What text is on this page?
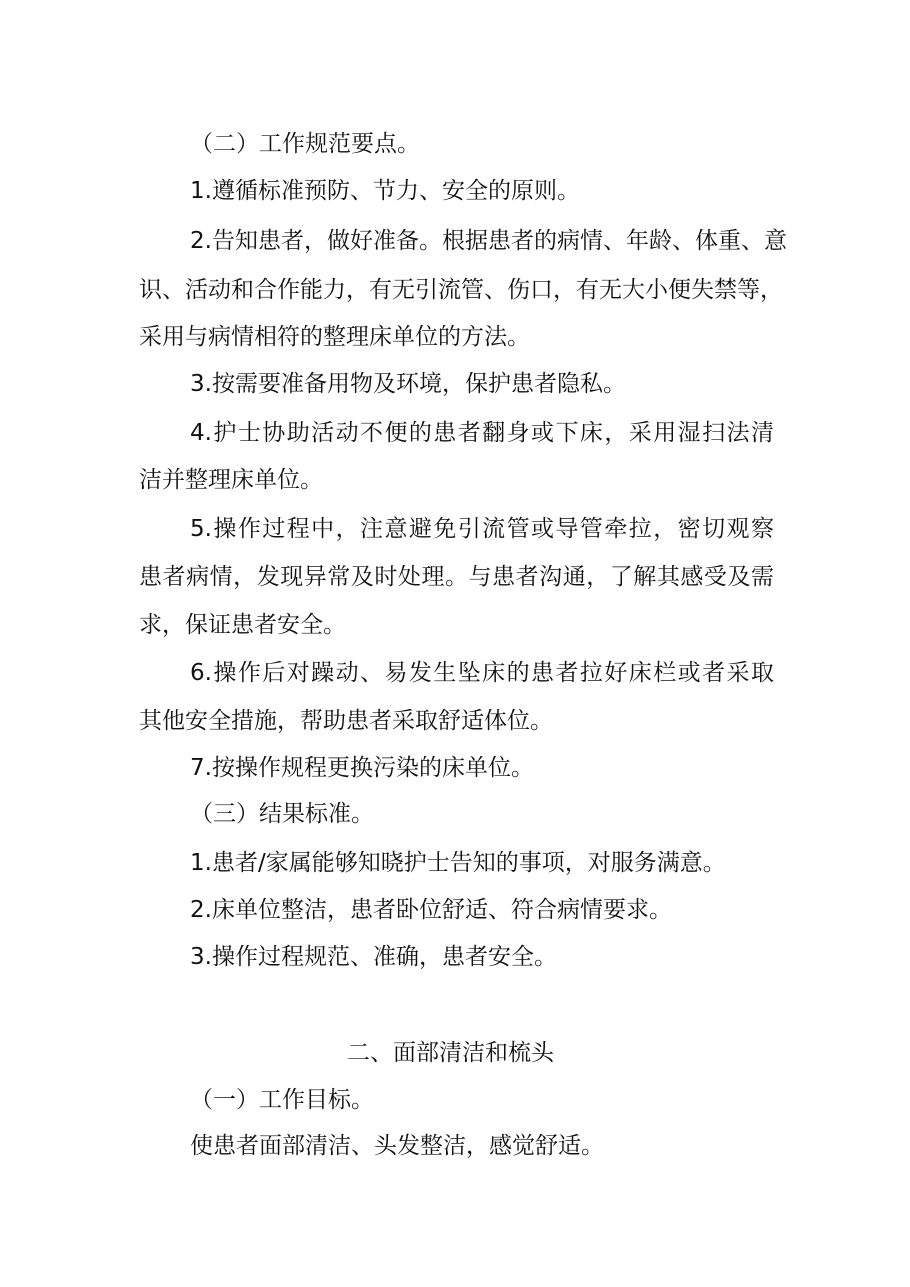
（二）工作规范要点。
1.遵循标准预防、节力、安全的原则。
2.告知患者，做好准备。根据患者的病情、年龄、体重、意
识、活动和合作能力，有无引流管、伤口，有无大小便失禁等，
采用与病情相符的整理床单位的方法。
3.按需要准备用物及环境，保护患者隐私。
4.护士协助活动不便的患者翻身或下床，采用湿扫法清
洁并整理床单位。
5.操作过程中，注意避免引流管或导管牵拉，密切观察
患者病情，发现异常及时处理。与患者沟通，了解其感受及需
求，保证患者安全。
6.操作后对躁动、易发生坠床的患者拉好床栏或者采取
其他安全措施，帮助患者采取舒适体位。
7.按操作规程更换污染的床单位。
（三）结果标准。
1.患者/家属能够知晓护士告知的事项，对服务满意。
2.床单位整洁，患者卧位舒适、符合病情要求。
3.操作过程规范、准确，患者安全。
二、面部清洁和梳头
（一）工作目标。
使患者面部清洁、头发整洁，感觉舒适。
